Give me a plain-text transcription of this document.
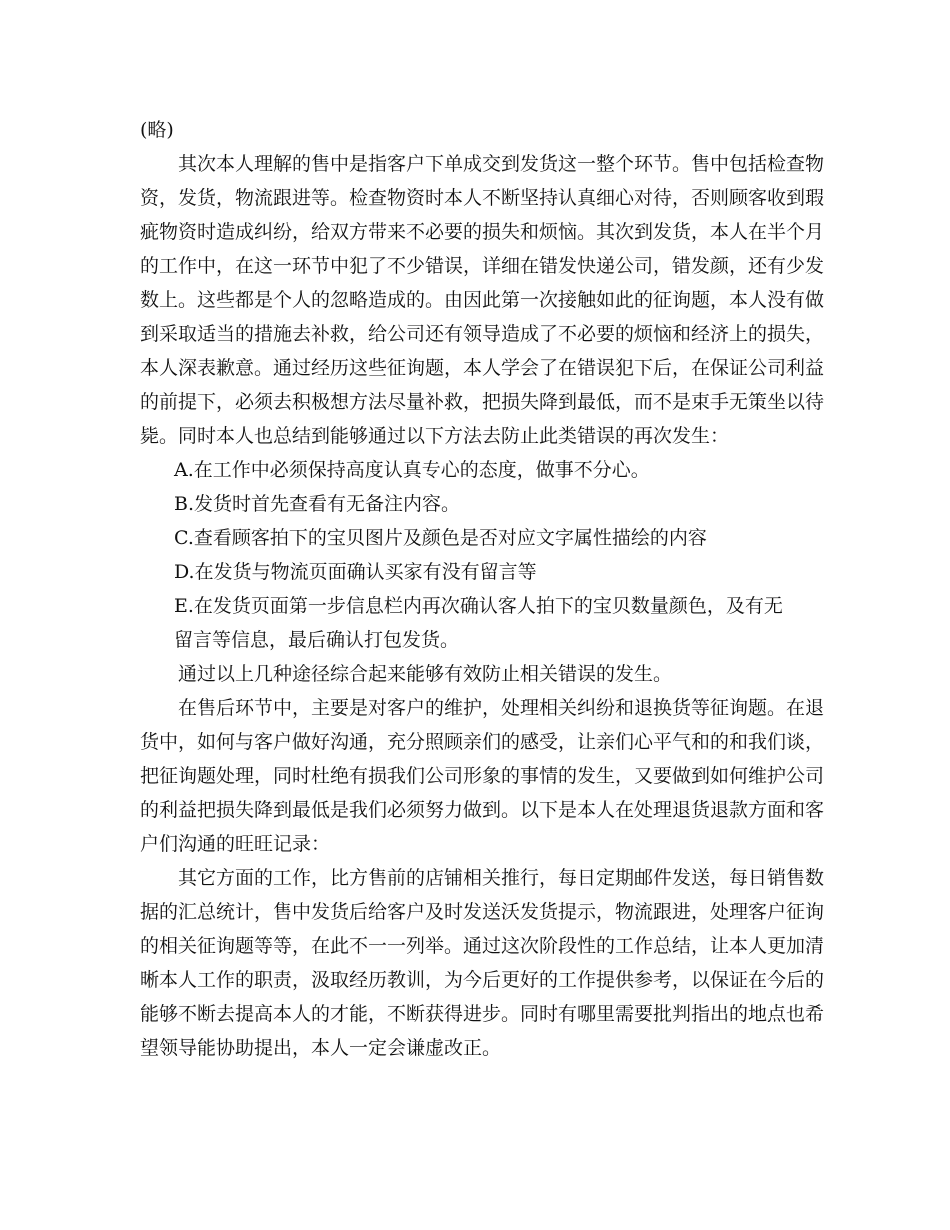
(略)
其次本人理解的售中是指客户下单成交到发货这一整个环节。售中包括检查物
资，发货，物流跟进等。检查物资时本人不断坚持认真细心对待，否则顾客收到瑕
疵物资时造成纠纷，给双方带来不必要的损失和烦恼。其次到发货，本人在半个月
的工作中，在这一环节中犯了不少错误，详细在错发快递公司，错发颜，还有少发
数上。这些都是个人的忽略造成的。由因此第一次接触如此的征询题，本人没有做
到采取适当的措施去补救，给公司还有领导造成了不必要的烦恼和经济上的损失，
本人深表歉意。通过经历这些征询题，本人学会了在错误犯下后，在保证公司利益
的前提下，必须去积极想方法尽量补救，把损失降到最低，而不是束手无策坐以待
毙。同时本人也总结到能够通过以下方法去防止此类错误的再次发生：
A.在工作中必须保持高度认真专心的态度，做事不分心。
B.发货时首先查看有无备注内容。
C.查看顾客拍下的宝贝图片及颜色是否对应文字属性描绘的内容
D.在发货与物流页面确认买家有没有留言等
E.在发货页面第一步信息栏内再次确认客人拍下的宝贝数量颜色，及有无
留言等信息，最后确认打包发货。
通过以上几种途径综合起来能够有效防止相关错误的发生。
在售后环节中，主要是对客户的维护，处理相关纠纷和退换货等征询题。在退
货中，如何与客户做好沟通，充分照顾亲们的感受，让亲们心平气和的和我们谈，
把征询题处理，同时杜绝有损我们公司形象的事情的发生，又要做到如何维护公司
的利益把损失降到最低是我们必须努力做到。以下是本人在处理退货退款方面和客
户们沟通的旺旺记录：
其它方面的工作，比方售前的店铺相关推行，每日定期邮件发送，每日销售数
据的汇总统计，售中发货后给客户及时发送沃发货提示，物流跟进，处理客户征询
的相关征询题等等，在此不一一列举。通过这次阶段性的工作总结，让本人更加清
晰本人工作的职责，汲取经历教训，为今后更好的工作提供参考，以保证在今后的
能够不断去提高本人的才能，不断获得进步。同时有哪里需要批判指出的地点也希
望领导能协助提出，本人一定会谦虚改正。
